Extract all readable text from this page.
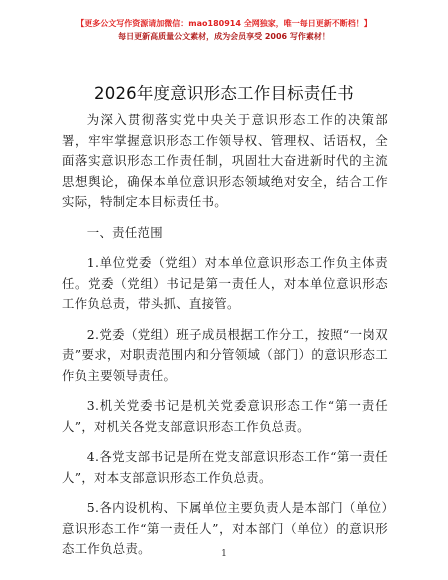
【更多公文写作资源请加微信：mao180914 全网独家，唯一每日更新不断档！】
每日更新高质量公文素材，成为会员享受 2006 写作素材！
2026年度意识形态工作目标责任书

为深入贯彻落实党中央关于意识形态工作的决策部署，牢牢掌握意识形态工作领导权、管理权、话语权，全面落实意识形态工作责任制，巩固壮大奋进新时代的主流思想舆论，确保本单位意识形态领域绝对安全，结合工作实际，特制定本目标责任书。

一、责任范围

1.单位党委（党组）对本单位意识形态工作负主体责任。党委（党组）书记是第一责任人，对本单位意识形态工作负总责，带头抓、直接管。

2.党委（党组）班子成员根据工作分工，按照“一岗双责”要求，对职责范围内和分管领域（部门）的意识形态工作负主要领导责任。

3.机关党委书记是机关党委意识形态工作“第一责任人”，对机关各党支部意识形态工作负总责。

4.各党支部书记是所在党支部意识形态工作“第一责任人”，对本支部意识形态工作负总责。

5.各内设机构、下属单位主要负责人是本部门（单位）意识形态工作“第一责任人”，对本部门（单位）的意识形态工作负总责。	1
